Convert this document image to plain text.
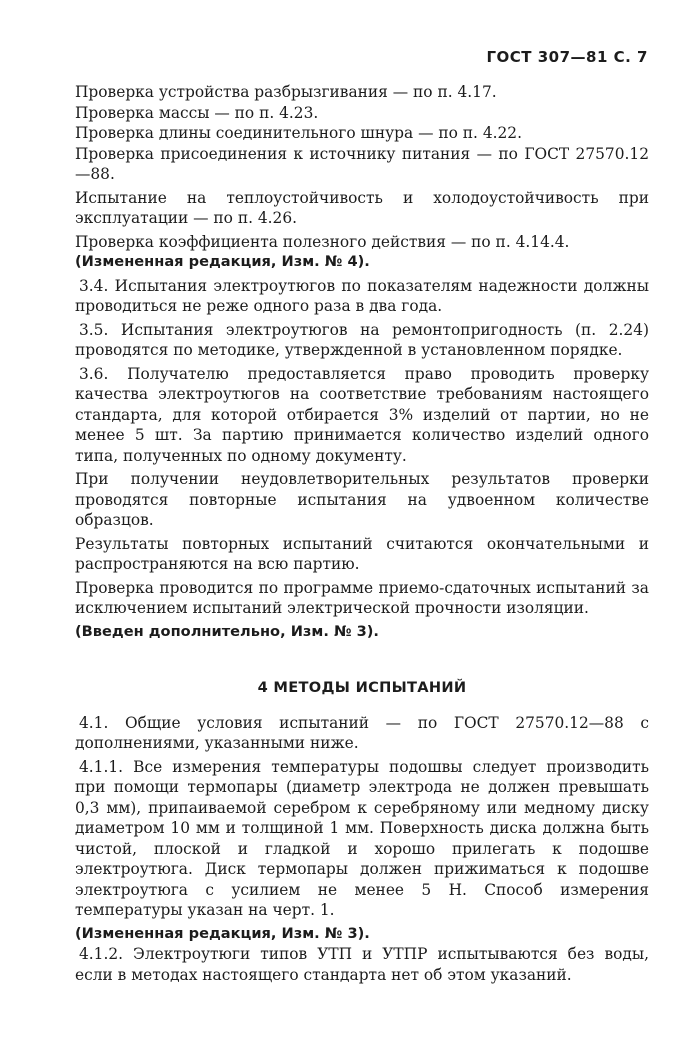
ГОСТ 307—81 С. 7

Проверка устройства разбрызгивания — по п. 4.17.

Проверка массы — по п. 4.23.

Проверка длины соединительного шнура — по п. 4.22.

Проверка присоединения к источнику питания — по ГОСТ 27570.12—88.

Испытание на теплоустойчивость и холодоустойчивость при эксплуатации — по п. 4.26.

Проверка коэффициента полезного действия — по п. 4.14.4.

(Измененная редакция, Изм. № 4).

3.4. Испытания электроутюгов по показателям надежности должны проводиться не реже одного раза в два года.

3.5. Испытания электроутюгов на ремонтопригодность (п. 2.24) проводятся по методике, утвержденной в установленном порядке.

3.6. Получателю предоставляется право проводить проверку качества электроутюгов на соответствие требованиям настоящего стандарта, для которой отбирается 3% изделий от партии, но не менее 5 шт. За партию принимается количество изделий одного типа, полученных по одному документу.

При получении неудовлетворительных результатов проверки проводятся повторные испытания на удвоенном количестве образцов.

Результаты повторных испытаний считаются окончательными и распространяются на всю партию.

Проверка проводится по программе приемо-сдаточных испытаний за исключением испытаний электрической прочности изоляции.

(Введен дополнительно, Изм. № 3).

4 МЕТОДЫ ИСПЫТАНИЙ

4.1. Общие условия испытаний — по ГОСТ 27570.12—88 с дополнениями, указанными ниже.

4.1.1. Все измерения температуры подошвы следует производить при помощи термопары (диаметр электрода не должен превышать 0,3 мм), припаиваемой серебром к серебряному или медному диску диаметром 10 мм и толщиной 1 мм. Поверхность диска должна быть чистой, плоской и гладкой и хорошо прилегать к подошве электроутюга. Диск термопары должен прижиматься к подошве электроутюга с усилием не менее 5 Н. Способ измерения температуры указан на черт. 1.

(Измененная редакция, Изм. № 3).

4.1.2. Электроутюги типов УТП и УТПР испытываются без воды, если в методах настоящего стандарта нет об этом указаний.
